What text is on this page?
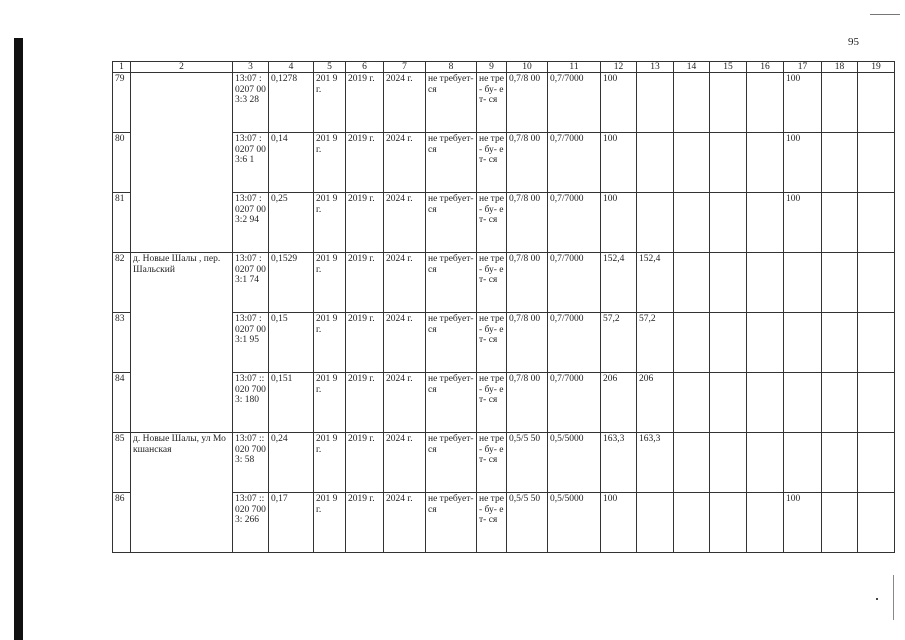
95
1	2	3	4	5	6	7	8	9	10	11	12	13	14	15	16	17	18	19
79		13:07 :0207 003:3 28	0,1278	201 9 г.	2019 г.	2024 г.	не требует- ся	не тре- бу- ет- ся	0,7/8 00	0,7/7000	100					100		
80		13:07 :0207 003:6 1	0,14	201 9 г.	2019 г.	2024 г.	не требует- ся	не тре- бу- ет- ся	0,7/8 00	0,7/7000	100					100		
81		13:07 :0207 003:2 94	0,25	201 9 г.	2019 г.	2024 г.	не требует- ся	не тре- бу- ет- ся	0,7/8 00	0,7/7000	100					100		
82	д. Новые Шалы , пер. Шальский	13:07 :0207 003:1 74	0,1529	201 9 г.	2019 г.	2024 г.	не требует- ся	не тре- бу- ет- ся	0,7/8 00	0,7/7000	152,4	152,4						
83		13:07 :0207 003:1 95	0,15	201 9 г.	2019 г.	2024 г.	не требует- ся	не тре- бу- ет- ся	0,7/8 00	0,7/7000	57,2	57,2						
84		13:07 ::020 7003: 180	0,151	201 9 г.	2019 г.	2024 г.	не требует- ся	не тре- бу- ет- ся	0,7/8 00	0,7/7000	206	206						
85	д. Новые Шалы, ул Мокшанская	13:07 ::020 7003: 58	0,24	201 9 г.	2019 г.	2024 г.	не требует- ся	не тре- бу- ет- ся	0,5/5 50	0,5/5000	163,3	163,3						
86		13:07 ::020 7003: 266	0,17	201 9 г.	2019 г.	2024 г.	не требует- ся	не тре- бу- ет- ся	0,5/5 50	0,5/5000	100					100		
